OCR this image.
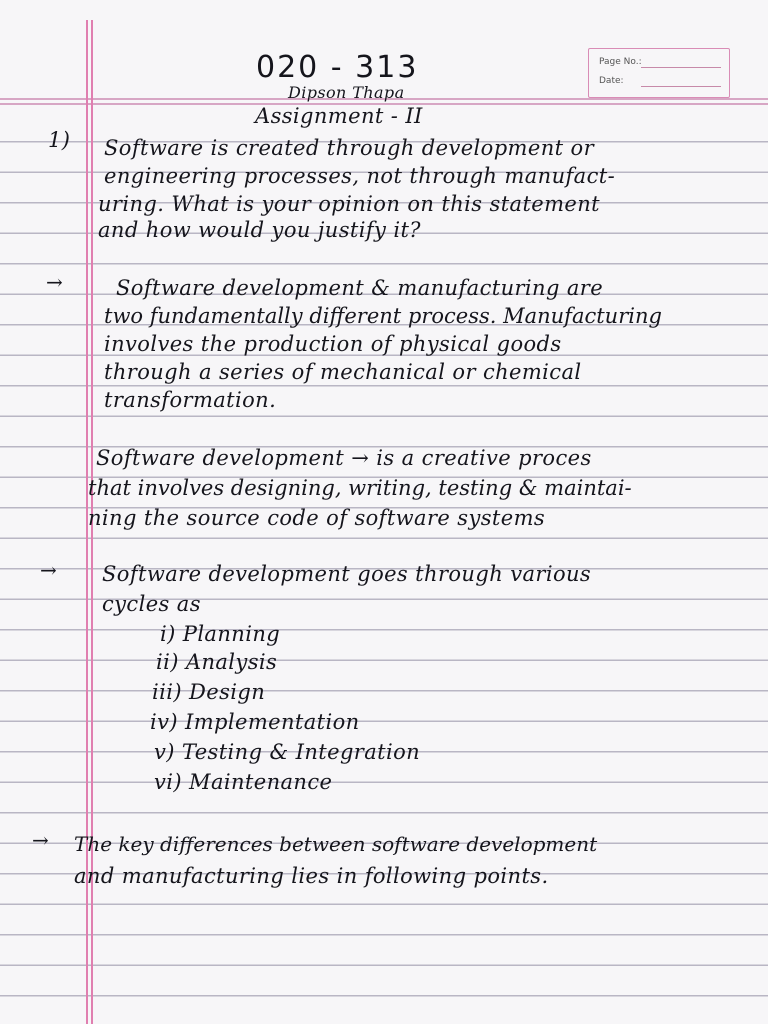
Page No.:
Date:
020 - 313
Dipson Thapa
Assignment - II
1) Software is created through development or
engineering processes, not through manufact-
uring. What is your opinion on this statement
and how would you justify it?
→	Software development & manufacturing are
two fundamentally different process. Manufacturing
involves the production of physical goods
through a series of mechanical or chemical
transformation.
Software development → is a creative proces
that involves designing, writing, testing & maintai-
ning the source code of software systems
→ Software development goes through various
cycles as
i) Planning
ii) Analysis
iii) Design
iv) Implementation
v) Testing & Integration
vi) Maintenance
→ The key differences between software development
and manufacturing lies in following points.
